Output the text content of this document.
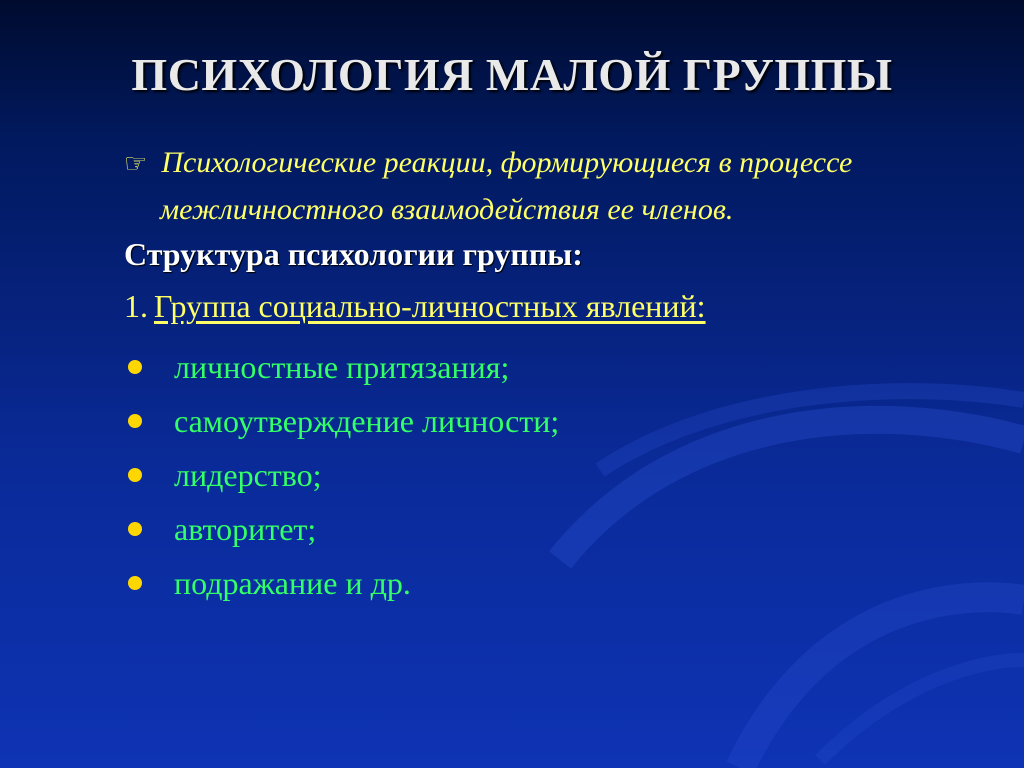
ПСИХОЛОГИЯ МАЛОЙ ГРУППЫ
☞ Психологические реакции, формирующиеся в процессе
межличностного взаимодействия ее членов.
Структура психологии группы:
1. Группа социально-личностных явлений:
личностные притязания;
самоутверждение личности;
лидерство;
авторитет;
подражание и др.
